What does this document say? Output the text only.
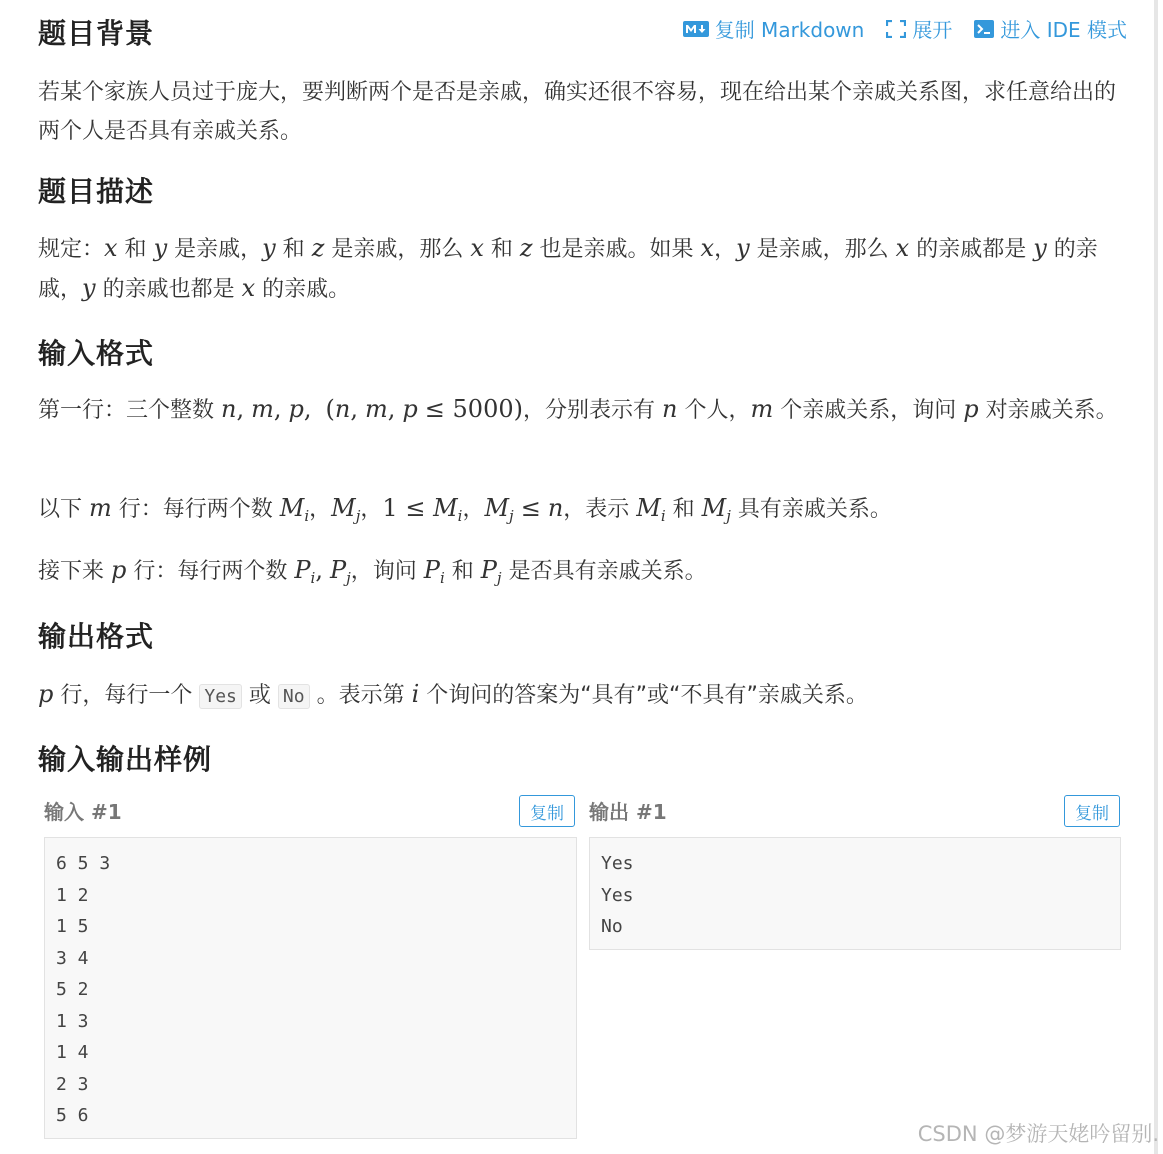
复制 Markdown 展开 进入 IDE 模式
题目背景

若某个家族人员过于庞大，要判断两个是否是亲戚，确实还很不容易，现在给出某个亲戚关系图，求任意给出的两个人是否具有亲戚关系。

题目描述

规定：x 和 y 是亲戚，y 和 z 是亲戚，那么 x 和 z 也是亲戚。如果 x，y 是亲戚，那么 x 的亲戚都是 y 的亲戚，y 的亲戚也都是 x 的亲戚。

输入格式

第一行：三个整数 n, m, p, (n, m, p ≤ 5000)，分别表示有 n 个人，m 个亲戚关系，询问 p 对亲戚关系。

以下 m 行：每行两个数 $M_i$，$M_j$，$1 \le M_i$，$M_j \le n$，表示 $M_i$ 和 $M_j$ 具有亲戚关系。

接下来 p 行：每行两个数 $P_i$, $P_j$，询问 $P_i$ 和 $P_j$ 是否具有亲戚关系。

输出格式

p 行，每行一个 Yes 或 No 。表示第 i 个询问的答案为“具有”或“不具有”亲戚关系。

输入输出样例
输入 #1	复制
6 5 3
1 2
1 5
3 4
5 2
1 3
1 4
2 3
5 6
输出 #1	复制
Yes
Yes
No
CSDN @梦游天姥吟留别.
